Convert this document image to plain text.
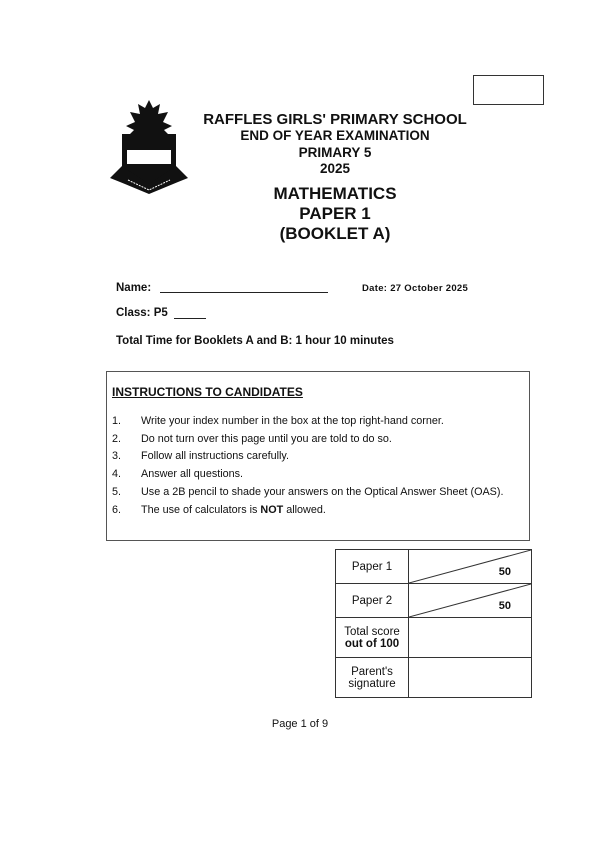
RAFFLES GIRLS' PRIMARY SCHOOL
END OF YEAR EXAMINATION
PRIMARY 5
2025
MATHEMATICS
PAPER 1
(BOOKLET A)
Name:	Date: 27 October 2025
Class: P5
Total Time for Booklets A and B: 1 hour 10 minutes
INSTRUCTIONS TO CANDIDATES
1.	Write your index number in the box at the top right-hand corner.
2.	Do not turn over this page until you are told to do so.
3.	Follow all instructions carefully.
4.	Answer all questions.
5.	Use a 2B pencil to shade your answers on the Optical Answer Sheet (OAS).
6.	The use of calculators is NOT allowed.
Paper 1	50

Paper 2	50

Total score
out of 100	

Parent's
signature	

Page 1 of 9
